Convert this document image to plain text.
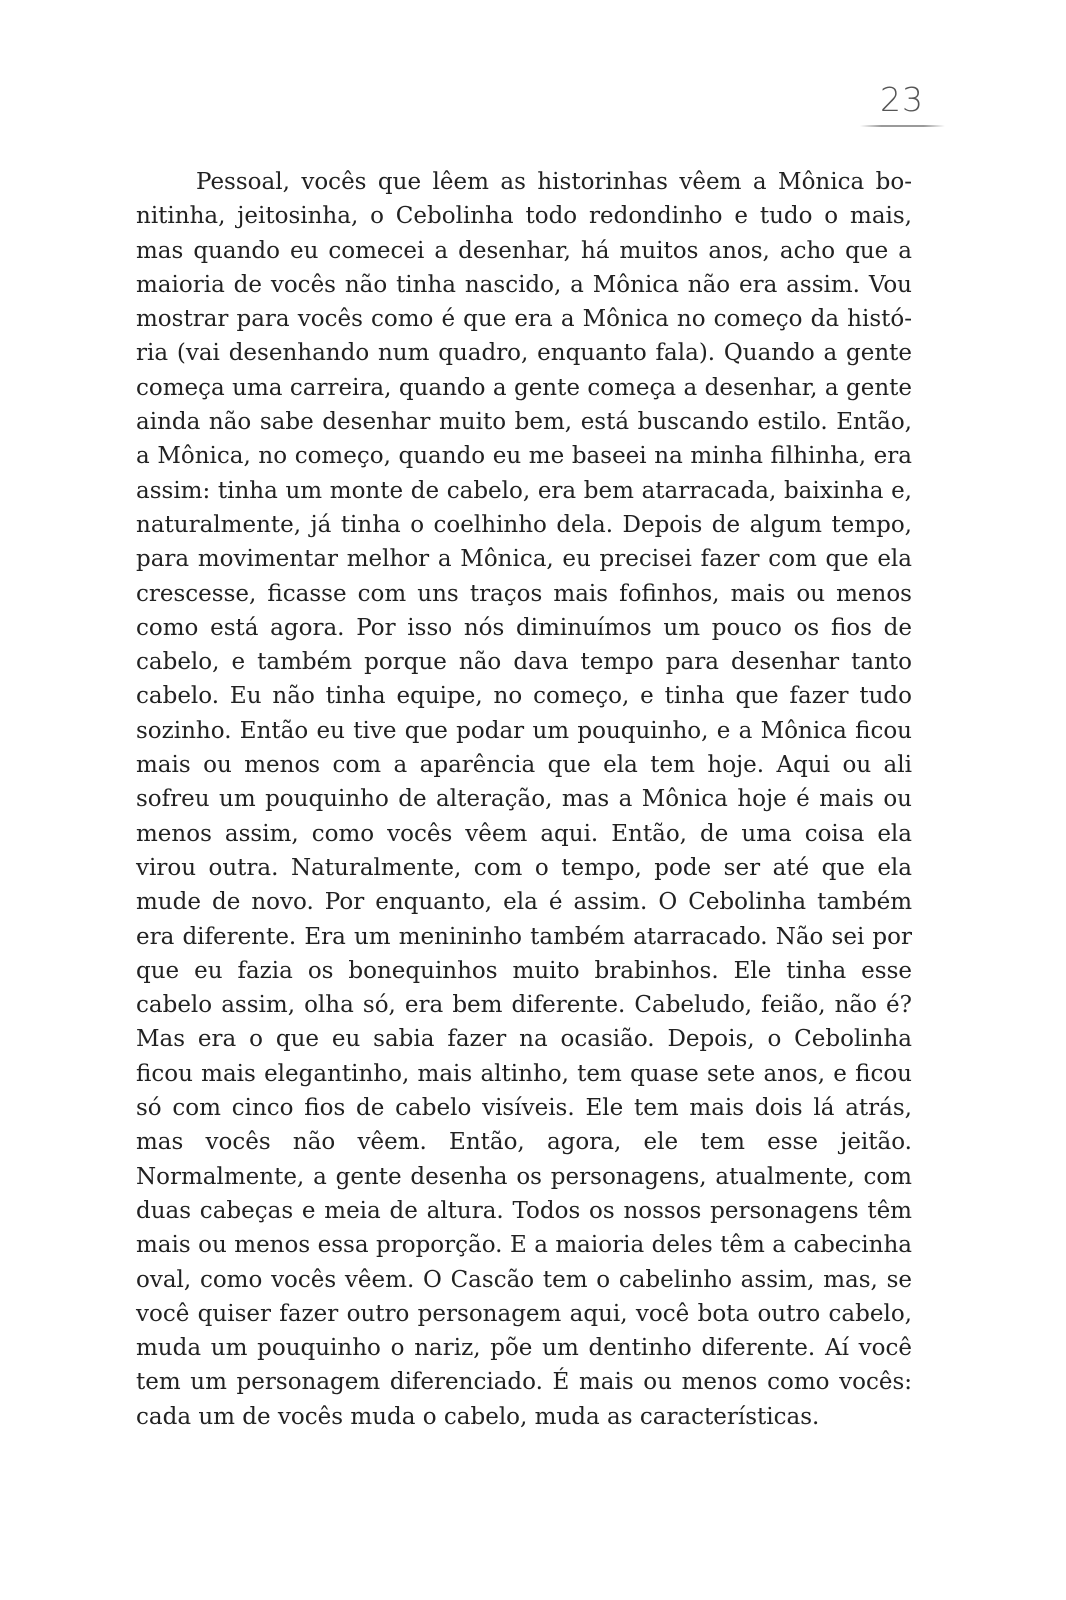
23

Pessoal, vocês que lêem as historinhas vêem a Mônica bonitinha, jeitosinha, o Cebolinha todo redondinho e tudo o mais, mas quando eu comecei a desenhar, há muitos anos, acho que a maioria de vocês não tinha nascido, a Mônica não era assim. Vou mostrar para vocês como é que era a Mônica no começo da história (vai desenhando num quadro, enquanto fala). Quando a gente começa uma carreira, quando a gente começa a desenhar, a gente ainda não sabe desenhar muito bem, está buscando estilo. Então, a Mônica, no começo, quando eu me baseei na minha filhinha, era assim: tinha um monte de cabelo, era bem atarracada, baixinha e, naturalmente, já tinha o coelhinho dela. Depois de algum tempo, para movimentar melhor a Mônica, eu precisei fazer com que ela crescesse, ficasse com uns traços mais fofinhos, mais ou menos como está agora. Por isso nós diminuímos um pouco os fios de cabelo, e também porque não dava tempo para desenhar tanto cabelo. Eu não tinha equipe, no começo, e tinha que fazer tudo sozinho. Então eu tive que podar um pouquinho, e a Mônica ficou mais ou menos com a aparência que ela tem hoje. Aqui ou ali sofreu um pouquinho de alteração, mas a Mônica hoje é mais ou menos assim, como vocês vêem aqui. Então, de uma coisa ela virou outra. Naturalmente, com o tempo, pode ser até que ela mude de novo. Por enquanto, ela é assim. O Cebolinha também era diferente. Era um menininho também atarracado. Não sei por que eu fazia os bonequinhos muito brabinhos. Ele tinha esse cabelo assim, olha só, era bem diferente. Cabeludo, feião, não é? Mas era o que eu sabia fazer na ocasião. Depois, o Cebolinha ficou mais elegantinho, mais altinho, tem quase sete anos, e ficou só com cinco fios de cabelo visíveis. Ele tem mais dois lá atrás, mas vocês não vêem. Então, agora, ele tem esse jeitão. Normalmente, a gente desenha os personagens, atualmente, com duas cabeças e meia de altura. Todos os nossos personagens têm mais ou menos essa proporção. E a maioria deles têm a cabecinha oval, como vocês vêem. O Cascão tem o cabelinho assim, mas, se você quiser fazer outro personagem aqui, você bota outro cabelo, muda um pouquinho o nariz, põe um dentinho diferente. Aí você tem um personagem diferenciado. É mais ou menos como vocês: cada um de vocês muda o cabelo, muda as características.
